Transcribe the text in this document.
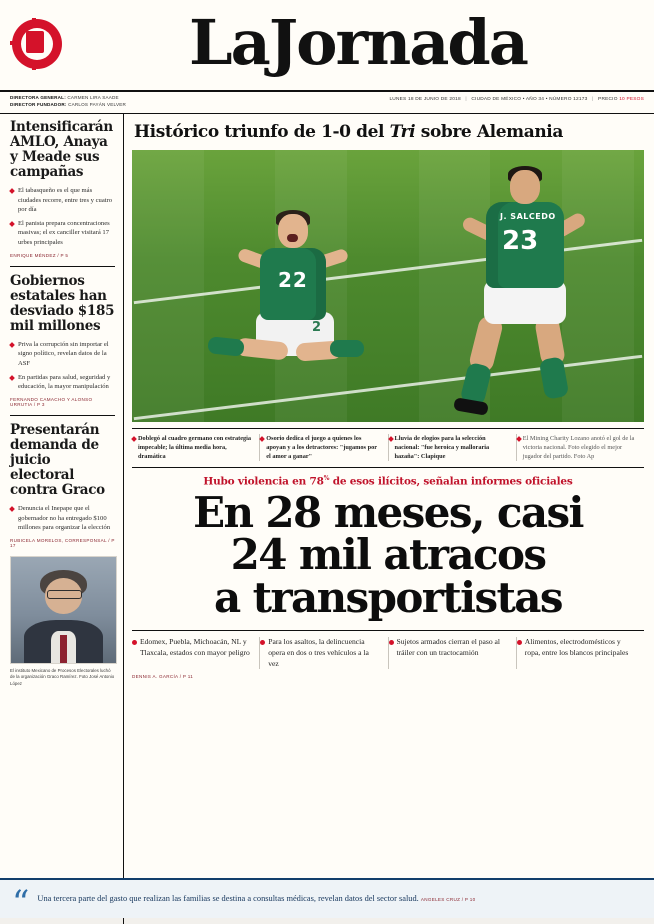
LaJornada
DIRECTORA GENERAL: CARMEN LIRA SAADE
DIRECTOR FUNDADOR: CARLOS PAYÁN VELVER
LUNES 18 DE JUNIO DE 2018 | CIUDAD DE MÉXICO • AÑO 34 • NÚMERO 12173 | PRECIO 10 PESOS
Intensificarán AMLO, Anaya y Meade sus campañas
El tabasqueño es el que más ciudades recorre, entre tres y cuatro por día
El panista prepara concentraciones masivas; el ex canciller visitará 17 urbes principales
ENRIQUE MÉNDEZ / P 5
Gobiernos estatales han desviado $185 mil millones
Priva la corrupción sin importar el signo político, revelan datos de la ASF
En partidas para salud, seguridad y educación, la mayor manipulación
FERNANDO CAMACHO Y ALONSO URRUTIA / P 3
Presentarán demanda de juicio electoral contra Graco
Denuncia el Inepape que el gobernador no ha entregado $100 millones para organizar la elección
RUBICELA MORELOS, CORRESPONSAL / P 17
El instituto Mexicano de Procesos Electorales luchó de la organización Graco Ramírez. Foto José Antonio López
Histórico triunfo de 1-0 del Tri sobre Alemania
22
2
J. SALCEDO
23
Doblegó al cuadro germano con estrategia impecable; la última media hora, dramática
Osorio dedica el juego a quienes los apoyan y a los detractores: "jugamos por el amor a ganar"
Lluvia de elogios para la selección nacional: "fue heroica y malloraria hazaña": Clapique
El Mining Charity Lozano anotó el gol de la victoria nacional. Foto elegido el mejor jugador del partido. Foto Ap
Hubo violencia en 78% de esos ilícitos, señalan informes oficiales
En 28 meses, casi
24 mil atracos
a transportistas
Edomex, Puebla, Michoacán, NL y Tlaxcala, estados con mayor peligro
Para los asaltos, la delincuencia opera en dos o tres vehículos a la vez
Sujetos armados cierran el paso al tráiler con un tractocamión
Alimentos, electrodomésticos y ropa, entre los blancos principales
DENNIS A. GARCÍA / P 11
“ Una tercera parte del gasto que realizan las familias se destina a consultas médicas, revelan datos del sector salud. ANGELES CRUZ / P 10
